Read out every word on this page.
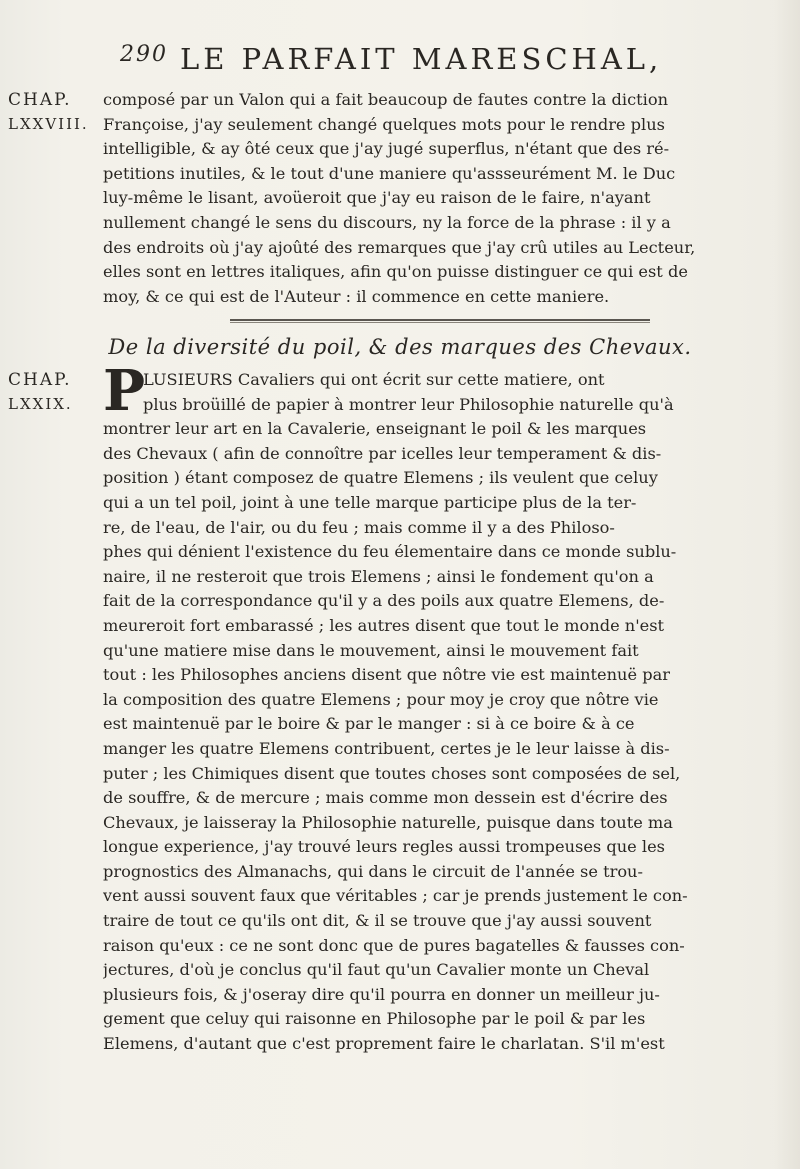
290 LE PARFAIT MARESCHAL,
CHAP.
LXXVIII.
composé par un Valon qui a fait beaucoup de fautes contre la diction
Françoise, j'ay seulement changé quelques mots pour le rendre plus
intelligible, & ay ôté ceux que j'ay jugé superflus, n'étant que des ré-
petitions inutiles, & le tout d'une maniere qu'assseurément M. le Duc
luy-même le lisant, avoüeroit que j'ay eu raison de le faire, n'ayant
nullement changé le sens du discours, ny la force de la phrase : il y a
des endroits où j'ay ajoûté des remarques que j'ay crû utiles au Lecteur,
elles sont en lettres italiques, afin qu'on puisse distinguer ce qui est de
moy, & ce qui est de l'Auteur : il commence en cette maniere.
De la diversité du poil, & des marques des Chevaux.
CHAP.
LXXIX. P
LUSIEURS Cavaliers qui ont écrit sur cette matiere, ont
plus broüillé de papier à montrer leur Philosophie naturelle qu'à
montrer leur art en la Cavalerie, enseignant le poil & les marques
des Chevaux ( afin de connoître par icelles leur temperament & dis-
position ) étant composez de quatre Elemens ; ils veulent que celuy
qui a un tel poil, joint à une telle marque participe plus de la ter-
re, de l'eau, de l'air, ou du feu ; mais comme il y a des Philoso-
phes qui dénient l'existence du feu élementaire dans ce monde sublu-
naire, il ne resteroit que trois Elemens ; ainsi le fondement qu'on a
fait de la correspondance qu'il y a des poils aux quatre Elemens, de-
meureroit fort embarassé ; les autres disent que tout le monde n'est
qu'une matiere mise dans le mouvement, ainsi le mouvement fait
tout : les Philosophes anciens disent que nôtre vie est maintenuë par
la composition des quatre Elemens ; pour moy je croy que nôtre vie
est maintenuë par le boire & par le manger : si à ce boire & à ce
manger les quatre Elemens contribuent, certes je le leur laisse à dis-
puter ; les Chimiques disent que toutes choses sont composées de sel,
de souffre, & de mercure ; mais comme mon dessein est d'écrire des
Chevaux, je laisseray la Philosophie naturelle, puisque dans toute ma
longue experience, j'ay trouvé leurs regles aussi trompeuses que les
prognostics des Almanachs, qui dans le circuit de l'année se trou-
vent aussi souvent faux que véritables ; car je prends justement le con-
traire de tout ce qu'ils ont dit, & il se trouve que j'ay aussi souvent
raison qu'eux : ce ne sont donc que de pures bagatelles & fausses con-
jectures, d'où je conclus qu'il faut qu'un Cavalier monte un Cheval
plusieurs fois, & j'oseray dire qu'il pourra en donner un meilleur ju-
gement que celuy qui raisonne en Philosophe par le poil & par les
Elemens, d'autant que c'est proprement faire le charlatan. S'il m'est
